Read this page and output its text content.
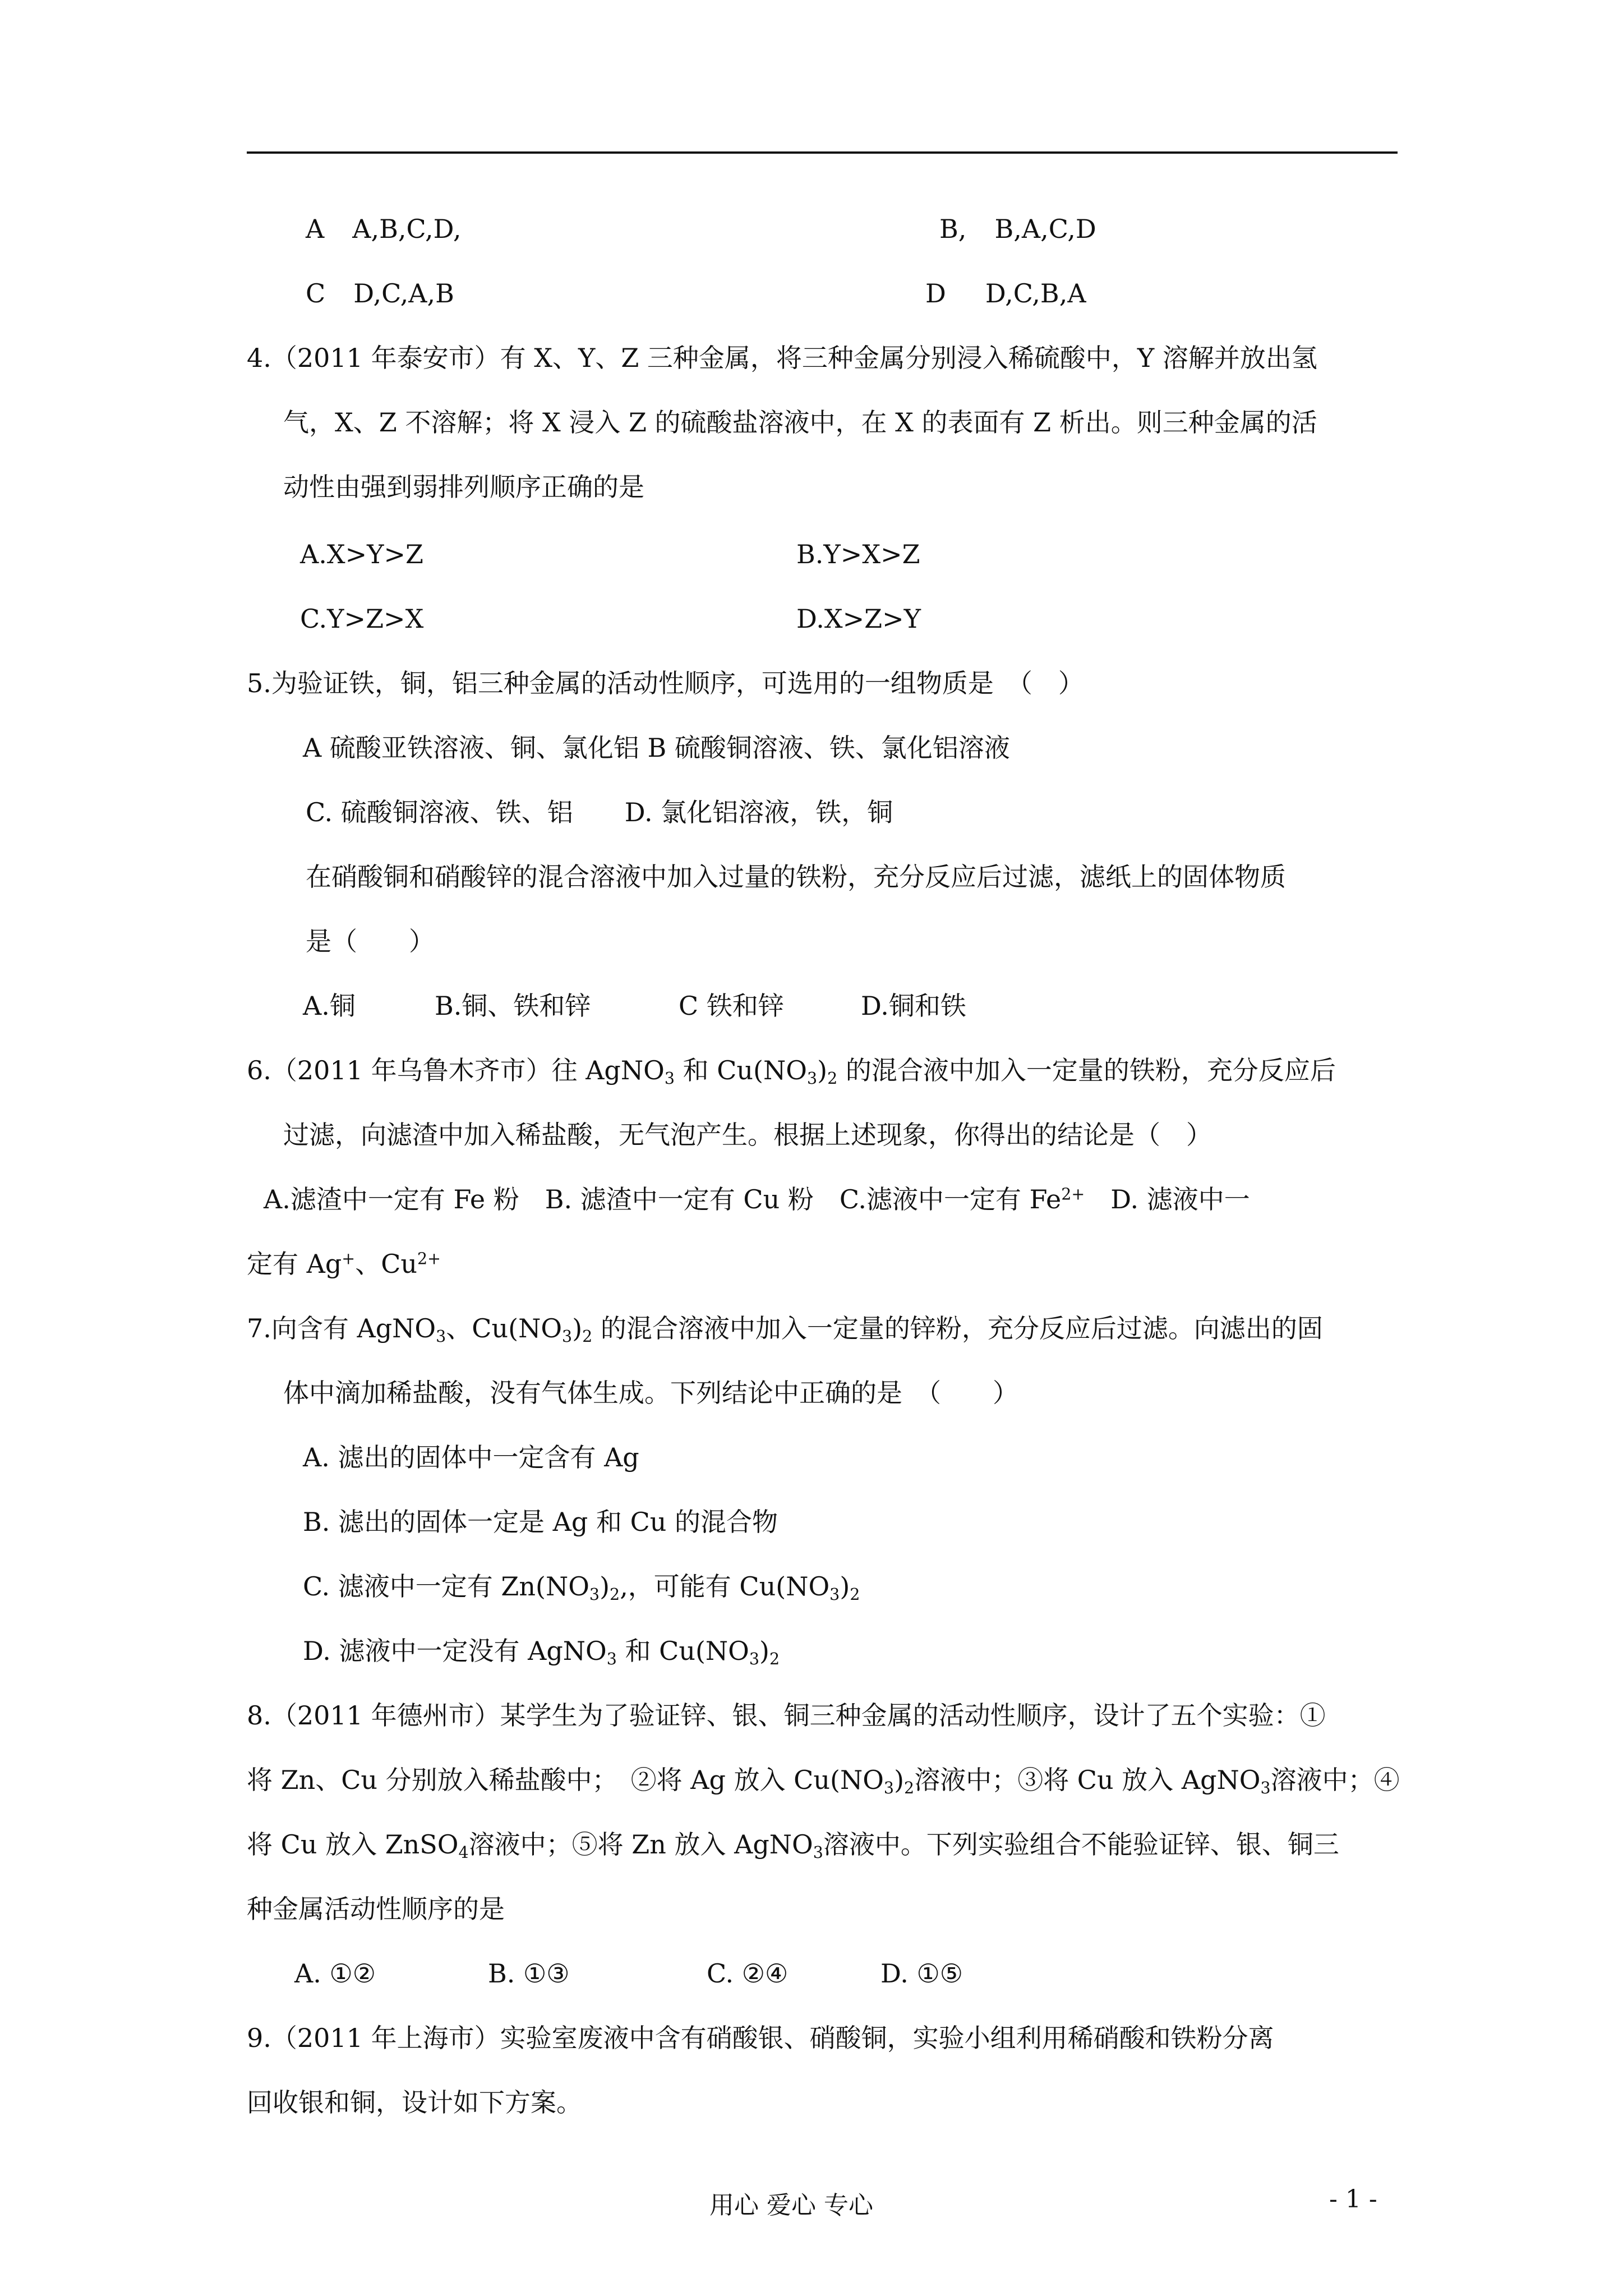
A A,B,C,D,	B, B,A,C,D
C D,C,A,B	D D,C,B,A
4.（2011 年泰安市）有 X、Y、Z 三种金属，将三种金属分别浸入稀硫酸中，Y 溶解并放出氢
气，X、Z 不溶解；将 X 浸入 Z 的硫酸盐溶液中，在 X 的表面有 Z 析出。则三种金属的活
动性由强到弱排列顺序正确的是
A.X>Y>Z	B.Y>X>Z
C.Y>Z>X	D.X>Z>Y
5.为验证铁，铜，铝三种金属的活动性顺序，可选用的一组物质是　（　）
A 硫酸亚铁溶液、铜、氯化铝 B 硫酸铜溶液、铁、氯化铝溶液
C. 硫酸铜溶液、铁、铝　　D. 氯化铝溶液，铁，铜
在硝酸铜和硝酸锌的混合溶液中加入过量的铁粉，充分反应后过滤，滤纸上的固体物质
是（　　）
A.铜	B.铜、铁和锌	C 铁和锌	D.铜和铁
6.（2011 年乌鲁木齐市）往 AgNO$_3$ 和 $Cu(NO_3)_2$ 的混合液中加入一定量的铁粉，充分反应后
过滤，向滤渣中加入稀盐酸，无气泡产生。根据上述现象，你得出的结论是（　）
A.滤渣中一定有 Fe 粉　B. 滤渣中一定有 Cu 粉　C.滤液中一定有 $Fe^{2+}$　D. 滤液中一
定有 Ag+、$Cu^{2+}$
7.向含有 AgNO$_3$、$Cu(NO_3)_2$ 的混合溶液中加入一定量的锌粉，充分反应后过滤。向滤出的固
体中滴加稀盐酸，没有气体生成。下列结论中正确的是　（　　）
A. 滤出的固体中一定含有 Ag
B. 滤出的固体一定是 Ag 和 Cu 的混合物
C. 滤液中一定有 $Zn(NO_3)_2$,，可能有 $Cu(NO_3)_2$
D. 滤液中一定没有 AgNO$_3$ 和 $Cu(NO_3)_2$
8.（2011 年德州市）某学生为了验证锌、银、铜三种金属的活动性顺序，设计了五个实验：①
将 Zn、Cu 分别放入稀盐酸中；　②将 Ag 放入 $Cu(NO_3)_2$溶液中；③将 Cu 放入 AgNO$_3$溶液中；④
将 Cu 放入 ZnSO$_4$溶液中；⑤将 Zn 放入 AgNO$_3$溶液中。下列实验组合不能验证锌、银、铜三
种金属活动性顺序的是
A. ①②	B. ①③	C. ②④	D. ①⑤
9.（2011 年上海市）实验室废液中含有硝酸银、硝酸铜，实验小组利用稀硝酸和铁粉分离
回收银和铜，设计如下方案。
用心 爱心 专心	- 1 -
